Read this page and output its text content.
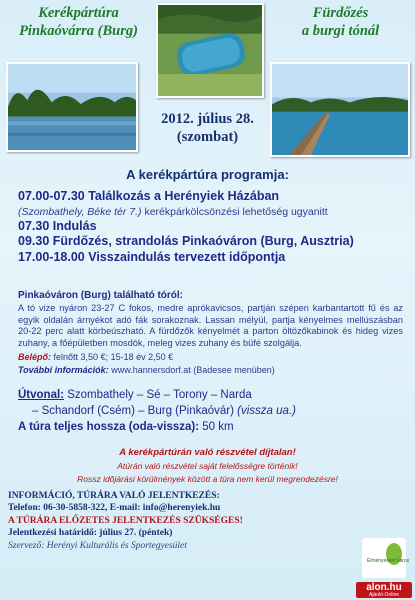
Kerékpártúra
Pinkaóvárra (Burg)
Fürdőzés
a burgi tónál
2012. július 28.
(szombat)
A kerékpártúra programja:
07.00-07.30 Találkozás a Herényiek Házában
(Szombathely, Béke tér 7.) kerékpárkölcsönzési lehetőség ugyanitt
07.30 Indulás
09.30 Fürdőzés, strandolás Pinkaóváron (Burg, Ausztria)
17.00-18.00 Visszaindulás tervezett időpontja
Pinkaóváron (Burg) található tóról:
A tó vize nyáron 23-27 C fokos, medre aprókavicsos, partján szépen karbantartott fű és az egyik oldalán árnyékot adó fák sorakoznak. Lassan mélyül, partja kényelmes mellúszásban 20-22 perc alatt körbeúszható. A fürdőzők kényelmét a parton öltözőkabinok és hideg vizes zuhany, a főépületben mosdók, meleg vizes zuhany és büfé szolgálja.
Belépő: felnőtt 3,50 €; 15-18 év 2,50 €
További információk: www.hannersdorf.at (Badesee menüben)
Útvonal: Szombathely – Sé – Torony – Narda
– Schandorf (Csém) – Burg (Pinkaóvár) (vissza ua.)
A túra teljes hossza (oda-vissza): 50 km
A kerékpártúrán való részvétel díjtalan!
Atúrán való részvétel saját felelősségre történik!
Rossz időjárási körülmények között a túra nem kerül megrendezésre!
INFORMÁCIÓ, TÚRÁRA VALÓ JELENTKEZÉS:
Telefon: 06-30-5858-322, E-mail: info@herenyiek.hu
A TÚRÁRA ELŐZETES JELENTKEZÉS SZÜKSÉGES!
Jelentkezési határidő: július 27. (péntek)
Szervező: Herényi Kulturális és Sportegyesület
Élményekért Város
alon.hu
Ajánló-Online
